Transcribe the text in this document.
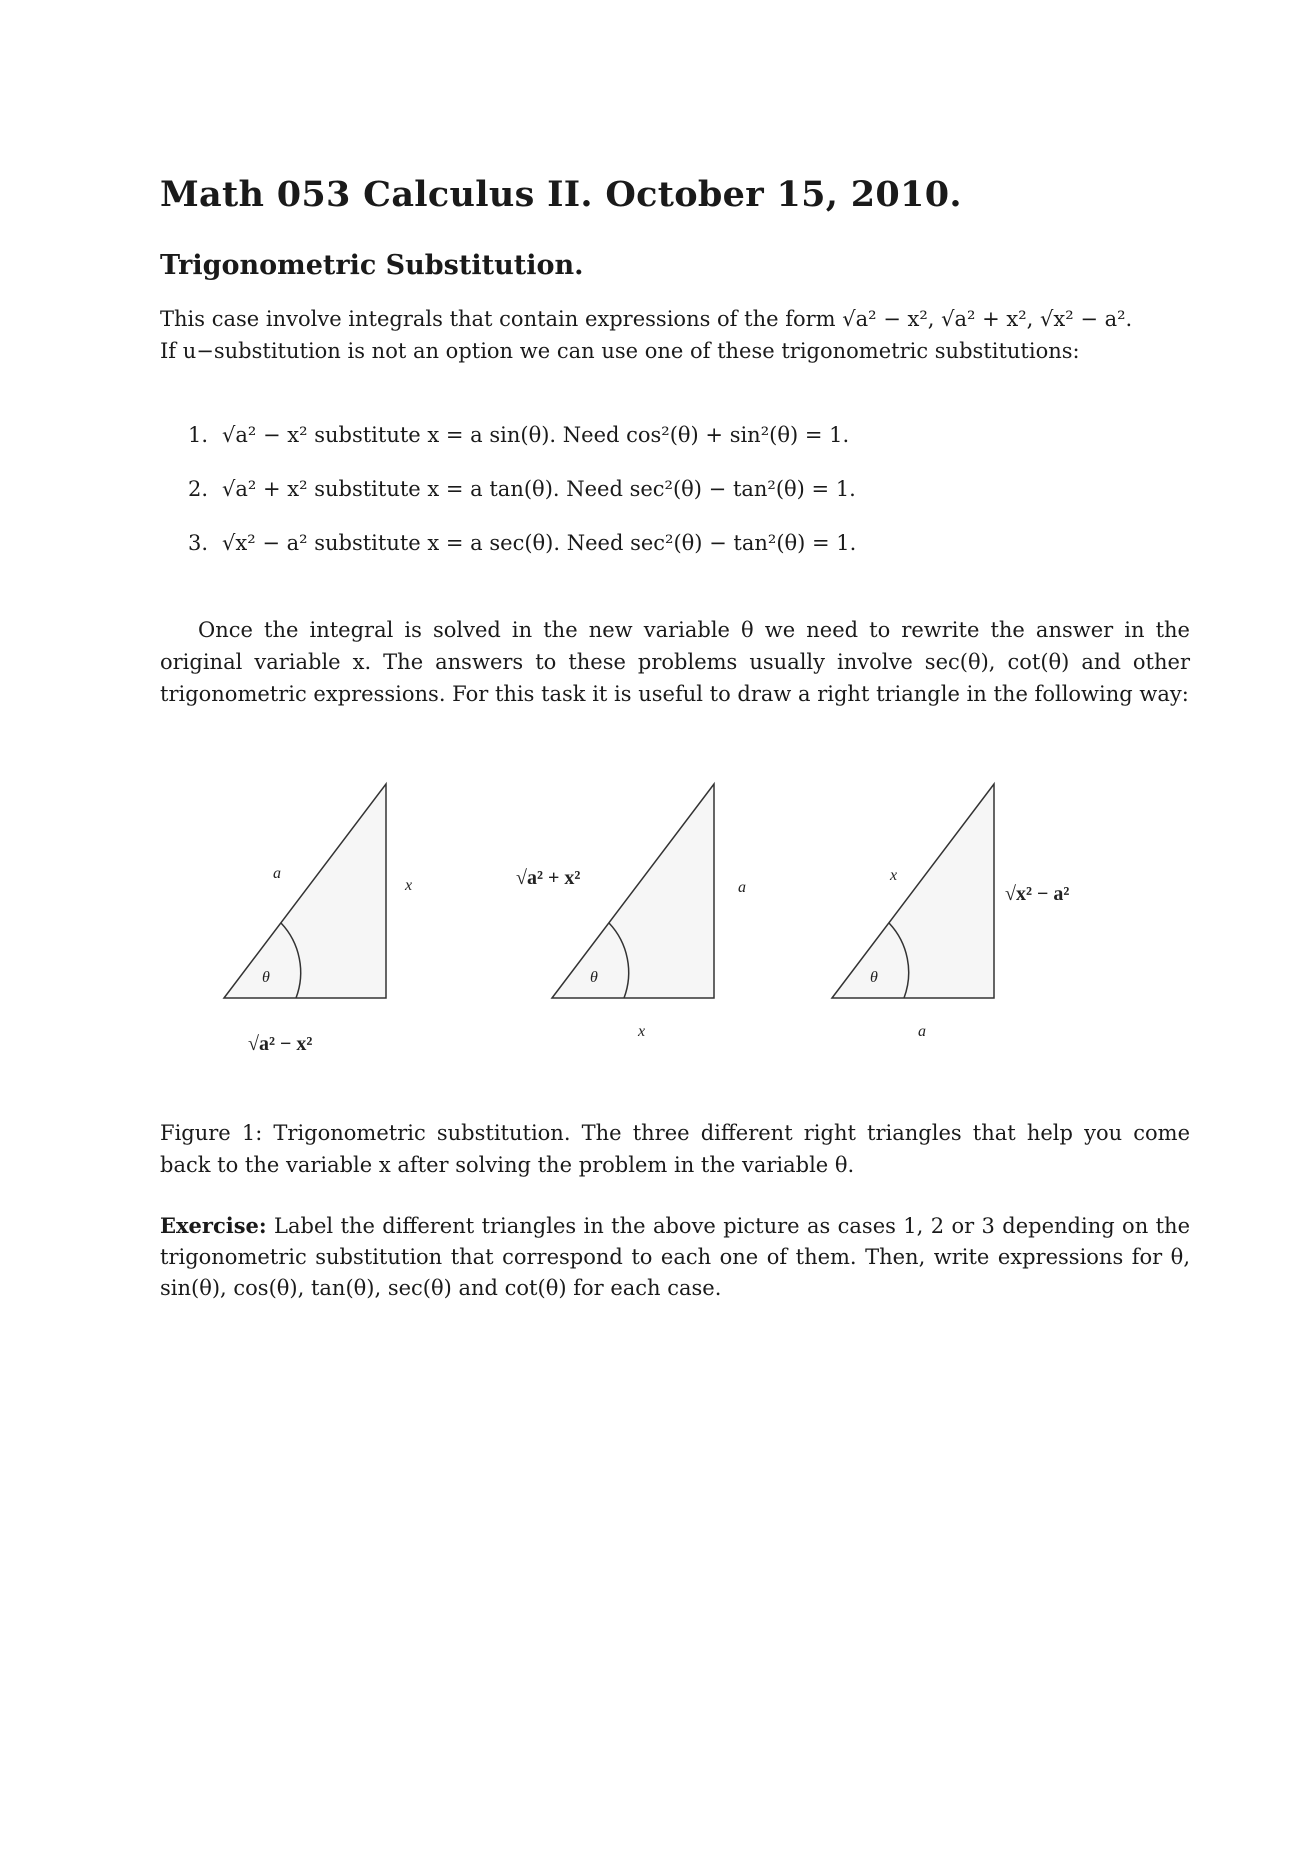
Math 053 Calculus II. October 15, 2010.
Trigonometric Substitution.

This case involve integrals that contain expressions of the form √a² − x², √a² + x², √x² − a².

If u−substitution is not an option we can use one of these trigonometric substitutions:

1. √a² − x² substitute x = a sin(θ). Need cos²(θ) + sin²(θ) = 1.
2. √a² + x² substitute x = a tan(θ). Need sec²(θ) − tan²(θ) = 1.
3. √x² − a² substitute x = a sec(θ). Need sec²(θ) − tan²(θ) = 1.

Once the integral is solved in the new variable θ we need to rewrite the answer in the original variable x. The answers to these problems usually involve sec(θ), cot(θ) and other trigonometric expressions. For this task it is useful to draw a right triangle in the following way:

θ
a
x
√a² − x²
θ
√a² + x²	a
x
θ
x
√x² − a²
a

Figure 1: Trigonometric substitution. The three different right triangles that help you come back to the variable x after solving the problem in the variable θ.

Exercise: Label the different triangles in the above picture as cases 1, 2 or 3 depending on the trigonometric substitution that correspond to each one of them. Then, write expressions for θ, sin(θ), cos(θ), tan(θ), sec(θ) and cot(θ) for each case.
